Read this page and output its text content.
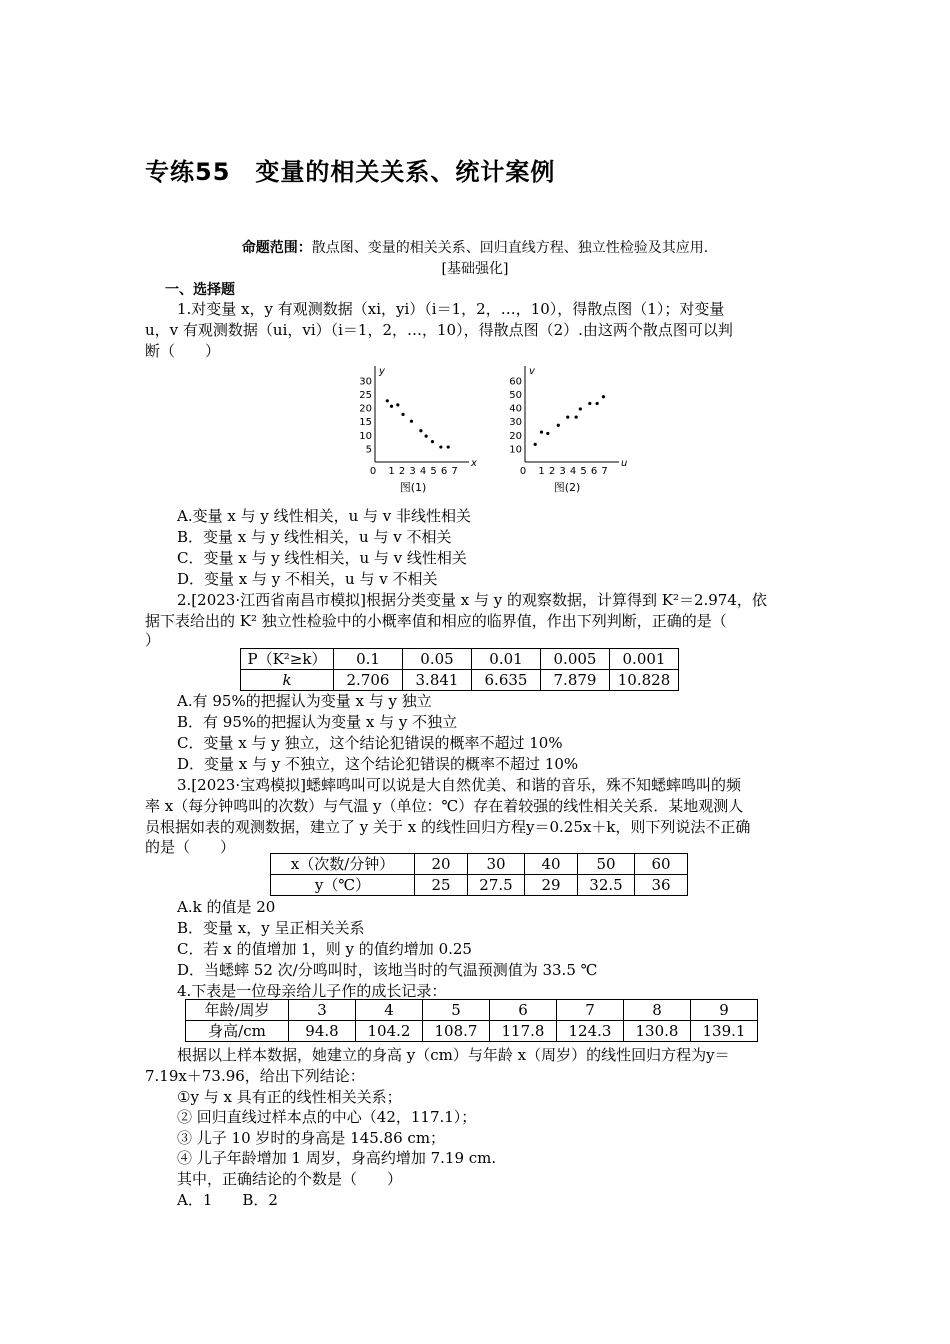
专练55　变量的相关关系、统计案例
命题范围：散点图、变量的相关关系、回归直线方程、独立性检验及其应用.
[基础强化]
一、选择题
1.对变量 x，y 有观测数据（xi，yi）（i＝1，2，…，10），得散点图（1）；对变量
u，v 有观测数据（ui，vi）（i＝1，2，…，10），得散点图（2）.由这两个散点图可以判
断（　　）
x
y
0 1 2 3 4 5 6 7
5
10
15
20
25
30
图(1)
u
v
0 1 2 3 4 5 6 7
10
20
30
40
50
60
图(2)
A.变量 x 与 y 线性相关，u 与 v 非线性相关
B．变量 x 与 y 线性相关，u 与 v 不相关
C．变量 x 与 y 线性相关，u 与 v 线性相关
D．变量 x 与 y 不相关，u 与 v 不相关
2.[2023·江西省南昌市模拟]根据分类变量 x 与 y 的观察数据，计算得到 K²＝2.974，依
据下表给出的 K² 独立性检验中的小概率值和相应的临界值，作出下列判断，正确的是（
）
P（K²≥k）	0.1	0.05	0.01	0.005	0.001
k	2.706	3.841	6.635	7.879	10.828
A.有 95%的把握认为变量 x 与 y 独立
B．有 95%的把握认为变量 x 与 y 不独立
C．变量 x 与 y 独立，这个结论犯错误的概率不超过 10%
D．变量 x 与 y 不独立，这个结论犯错误的概率不超过 10%
3.[2023·宝鸡模拟]蟋蟀鸣叫可以说是大自然优美、和谐的音乐，殊不知蟋蟀鸣叫的频
率 x（每分钟鸣叫的次数）与气温 y（单位：℃）存在着较强的线性相关关系．某地观测人
员根据如表的观测数据，建立了 y 关于 x 的线性回归方程y＝0.25x＋k，则下列说法不正确
的是（　　）
x（次数/分钟）	20	30	40	50	60
y（℃）	25	27.5	29	32.5	36
A.k 的值是 20
B．变量 x，y 呈正相关关系
C．若 x 的值增加 1，则 y 的值约增加 0.25
D．当蟋蟀 52 次/分鸣叫时，该地当时的气温预测值为 33.5 ℃
4.下表是一位母亲给儿子作的成长记录：
年龄/周岁	3	4	5	6	7	8	9
身高/cm	94.8	104.2	108.7	117.8	124.3	130.8	139.1
根据以上样本数据，她建立的身高 y（cm）与年龄 x（周岁）的线性回归方程为y＝
7.19x＋73.96，给出下列结论：
①y 与 x 具有正的线性相关关系；
② 回归直线过样本点的中心（42，117.1）；
③ 儿子 10 岁时的身高是 145.86 cm；
④ 儿子年龄增加 1 周岁，身高约增加 7.19 cm.
其中，正确结论的个数是（　　）
A．1　　B．2
